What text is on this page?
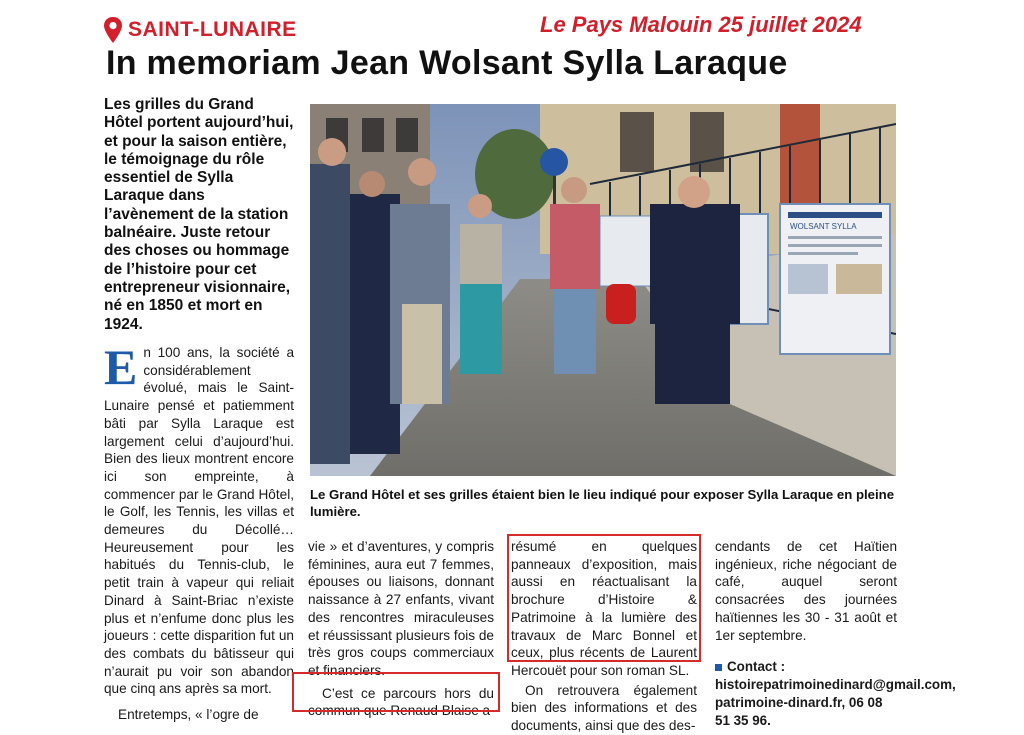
SAINT-LUNAIRE	Le Pays Malouin 25 juillet 2024
In memoriam Jean Wolsant Sylla Laraque
Les grilles du Grand Hôtel portent aujourd’hui, et pour la saison entière, le témoignage du rôle essentiel de Sylla Laraque dans l’avènement de la station balnéaire. Juste retour des choses ou hommage de l’histoire pour cet entrepreneur visionnaire, né en 1850 et mort en 1924.

E n 100 ans, la société a considérablement évolué, mais le Saint-Lunaire pensé et patiemment bâti par Sylla Laraque est largement celui d’aujourd’hui. Bien des lieux montrent encore ici son empreinte, à commencer par le Grand Hôtel, le Golf, les Tennis, les villas et demeures du Décollé… Heureusement pour les habitués du Tennis-club, le petit train à vapeur qui reliait Dinard à Saint-Briac n’existe plus et n’enfume donc plus les joueurs : cette disparition fut un des combats du bâtisseur qui n’aurait pu voir son abandon que cinq ans après sa mort.

Entretemps, « l’ogre de

WOLSANT SYLLA
Le Grand Hôtel et ses grilles étaient bien le lieu indiqué pour exposer Sylla Laraque en pleine lumière.

vie » et d’aventures, y compris féminines, aura eut 7 femmes, épouses ou liaisons, donnant naissance à 27 enfants, vivant des rencontres miraculeuses et réussissant plusieurs fois de très gros coups commerciaux et financiers.

C’est ce parcours hors du commun que Renaud Blaise a

résumé en quelques panneaux d’exposition, mais aussi en réactualisant la brochure d’Histoire & Patrimoine à la lumière des travaux de Marc Bonnel et ceux, plus récents de Laurent Hercouët pour son roman SL.

On retrouvera également bien des informations et des documents, ainsi que des des-

cendants de cet Haïtien ingénieux, riche négociant de café, auquel seront consacrées des journées haïtiennes les 30 - 31 août et 1er septembre.

Contact : histoirepatrimoinedinard@gmail.com, patrimoine-dinard.fr, 06 08 51 35 96.
